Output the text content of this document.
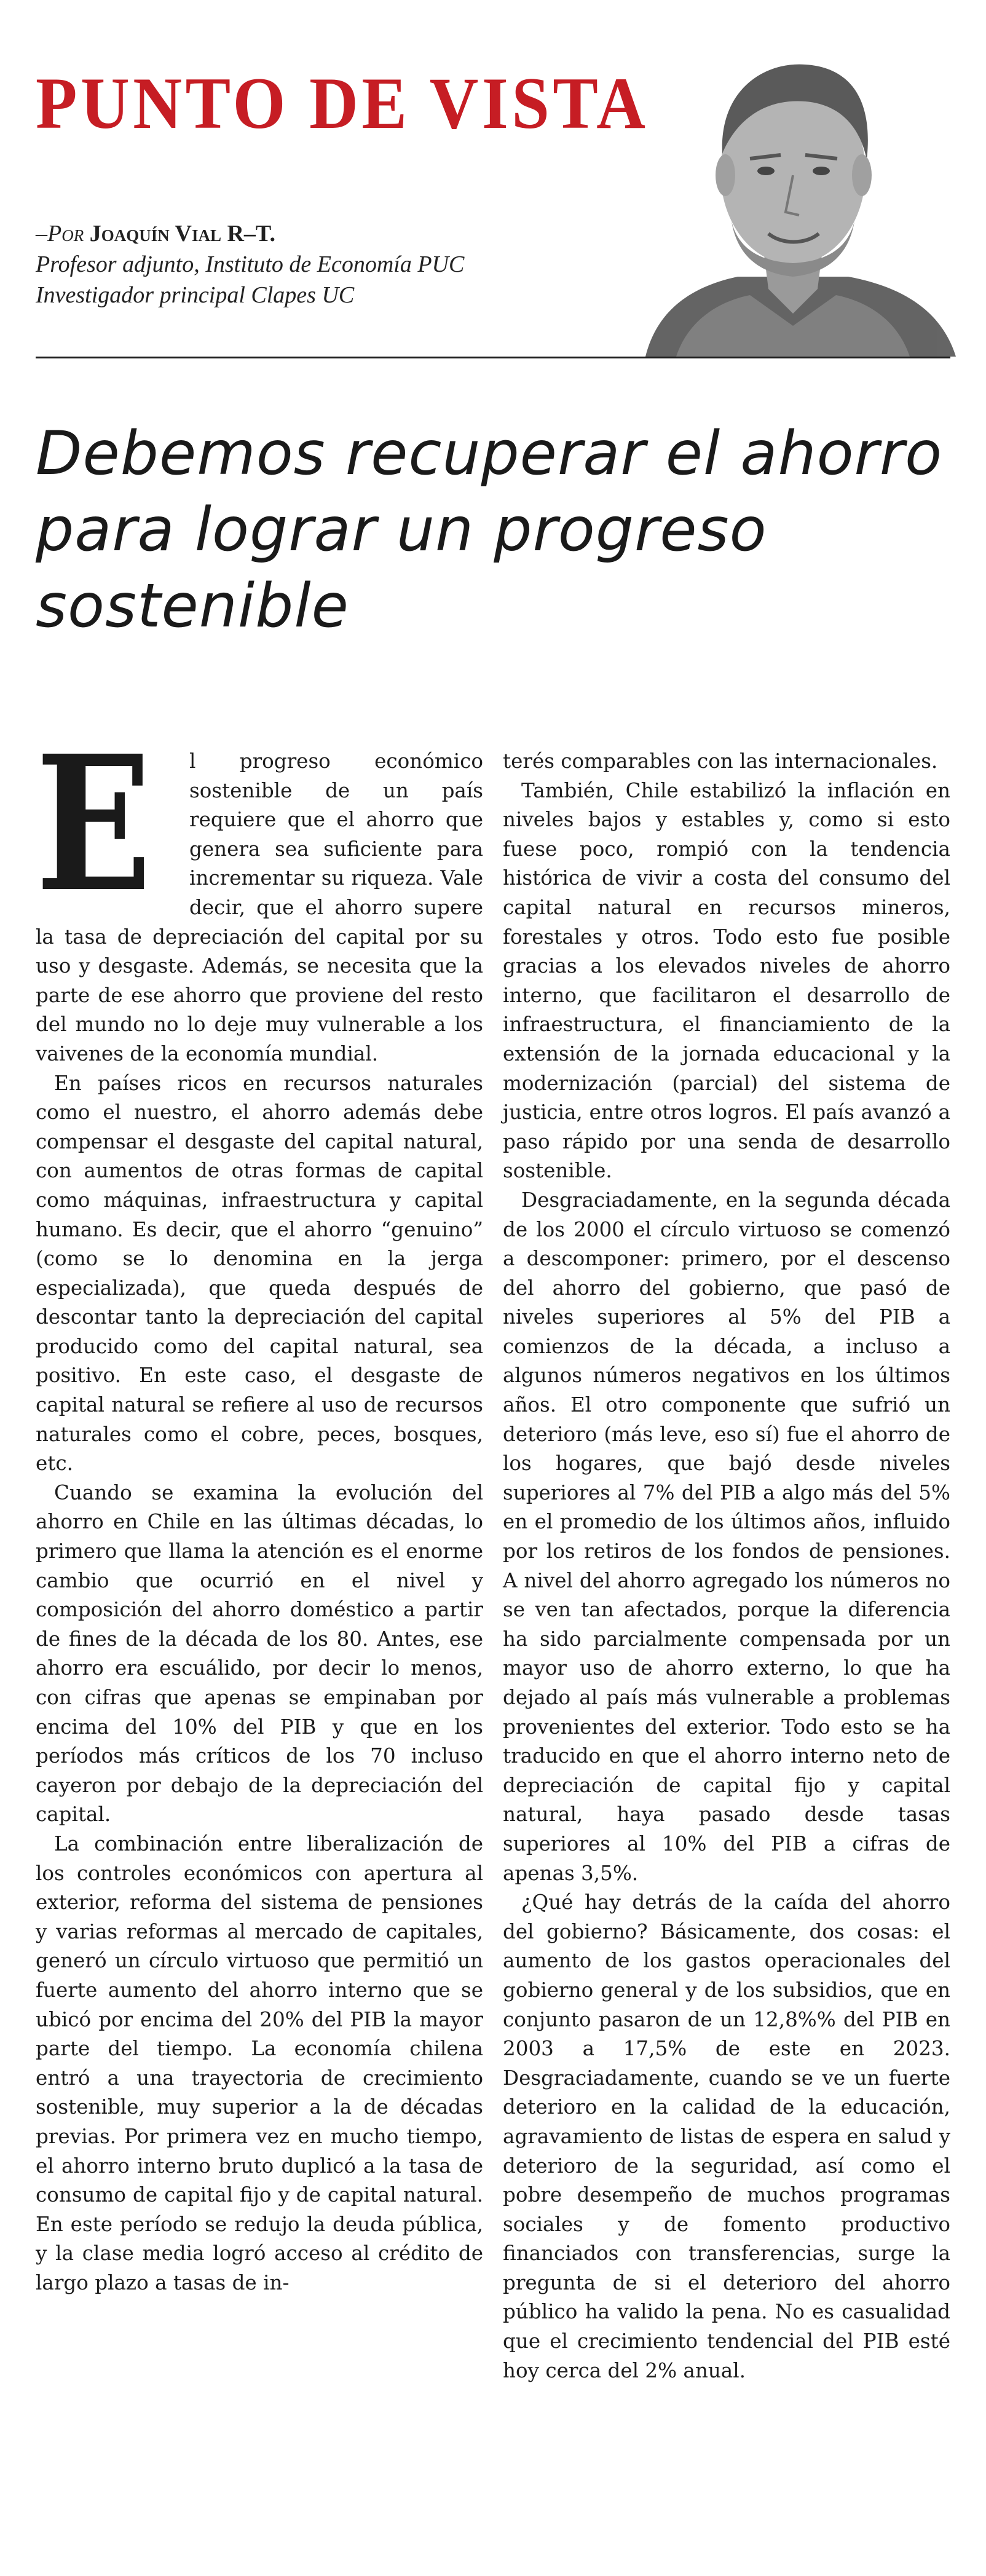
PUNTO DE VISTA
–Por Joaquín Vial R–T.
Profesor adjunto, Instituto de Economía PUC
Investigador principal Clapes UC
Debemos recuperar el ahorro para lograr un progreso sostenible

E l progreso económico sostenible de un país requiere que el ahorro que genera sea suficiente para incrementar su riqueza. Vale decir, que el ahorro supere la tasa de depreciación del capital por su uso y desgaste. Además, se necesita que la parte de ese ahorro que proviene del resto del mundo no lo deje muy vulnerable a los vaivenes de la economía mundial.

En países ricos en recursos naturales como el nuestro, el ahorro además debe compensar el desgaste del capital natural, con aumentos de otras formas de capital como máquinas, infraestructura y capital humano. Es decir, que el ahorro “genuino” (como se lo denomina en la jerga especializada), que queda después de descontar tanto la depreciación del capital producido como del capital natural, sea positivo. En este caso, el desgaste de capital natural se refiere al uso de recursos naturales como el cobre, peces, bosques, etc.

Cuando se examina la evolución del ahorro en Chile en las últimas décadas, lo primero que llama la atención es el enorme cambio que ocurrió en el nivel y composición del ahorro doméstico a partir de fines de la década de los 80. Antes, ese ahorro era escuálido, por decir lo menos, con cifras que apenas se empinaban por encima del 10% del PIB y que en los períodos más críticos de los 70 incluso cayeron por debajo de la depreciación del capital.

La combinación entre liberalización de los controles económicos con apertura al exterior, reforma del sistema de pensiones y varias reformas al mercado de capitales, generó un círculo virtuoso que permitió un fuerte aumento del ahorro interno que se ubicó por encima del 20% del PIB la mayor parte del tiempo. La economía chilena entró a una trayectoria de crecimiento sostenible, muy superior a la de décadas previas. Por primera vez en mucho tiempo, el ahorro interno bruto duplicó a la tasa de consumo de capital fijo y de capital natural. En este período se redujo la deuda pública, y la clase media logró acceso al crédito de largo plazo a tasas de in-

terés comparables con las internacionales.

También, Chile estabilizó la inflación en niveles bajos y estables y, como si esto fuese poco, rompió con la tendencia histórica de vivir a costa del consumo del capital natural en recursos mineros, forestales y otros. Todo esto fue posible gracias a los elevados niveles de ahorro interno, que facilitaron el desarrollo de infraestructura, el financiamiento de la extensión de la jornada educacional y la modernización (parcial) del sistema de justicia, entre otros logros. El país avanzó a paso rápido por una senda de desarrollo sostenible.

Desgraciadamente, en la segunda década de los 2000 el círculo virtuoso se comenzó a descomponer: primero, por el descenso del ahorro del gobierno, que pasó de niveles superiores al 5% del PIB a comienzos de la década, a incluso a algunos números negativos en los últimos años. El otro componente que sufrió un deterioro (más leve, eso sí) fue el ahorro de los hogares, que bajó desde niveles superiores al 7% del PIB a algo más del 5% en el promedio de los últimos años, influido por los retiros de los fondos de pensiones. A nivel del ahorro agregado los números no se ven tan afectados, porque la diferencia ha sido parcialmente compensada por un mayor uso de ahorro externo, lo que ha dejado al país más vulnerable a problemas provenientes del exterior. Todo esto se ha traducido en que el ahorro interno neto de depreciación de capital fijo y capital natural, haya pasado desde tasas superiores al 10% del PIB a cifras de apenas 3,5%.

¿Qué hay detrás de la caída del ahorro del gobierno? Básicamente, dos cosas: el aumento de los gastos operacionales del gobierno general y de los subsidios, que en conjunto pasaron de un 12,8%% del PIB en 2003 a 17,5% de este en 2023. Desgraciadamente, cuando se ve un fuerte deterioro en la calidad de la educación, agravamiento de listas de espera en salud y deterioro de la seguridad, así como el pobre desempeño de muchos programas sociales y de fomento productivo financiados con transferencias, surge la pregunta de si el deterioro del ahorro público ha valido la pena. No es casualidad que el crecimiento tendencial del PIB esté hoy cerca del 2% anual.
